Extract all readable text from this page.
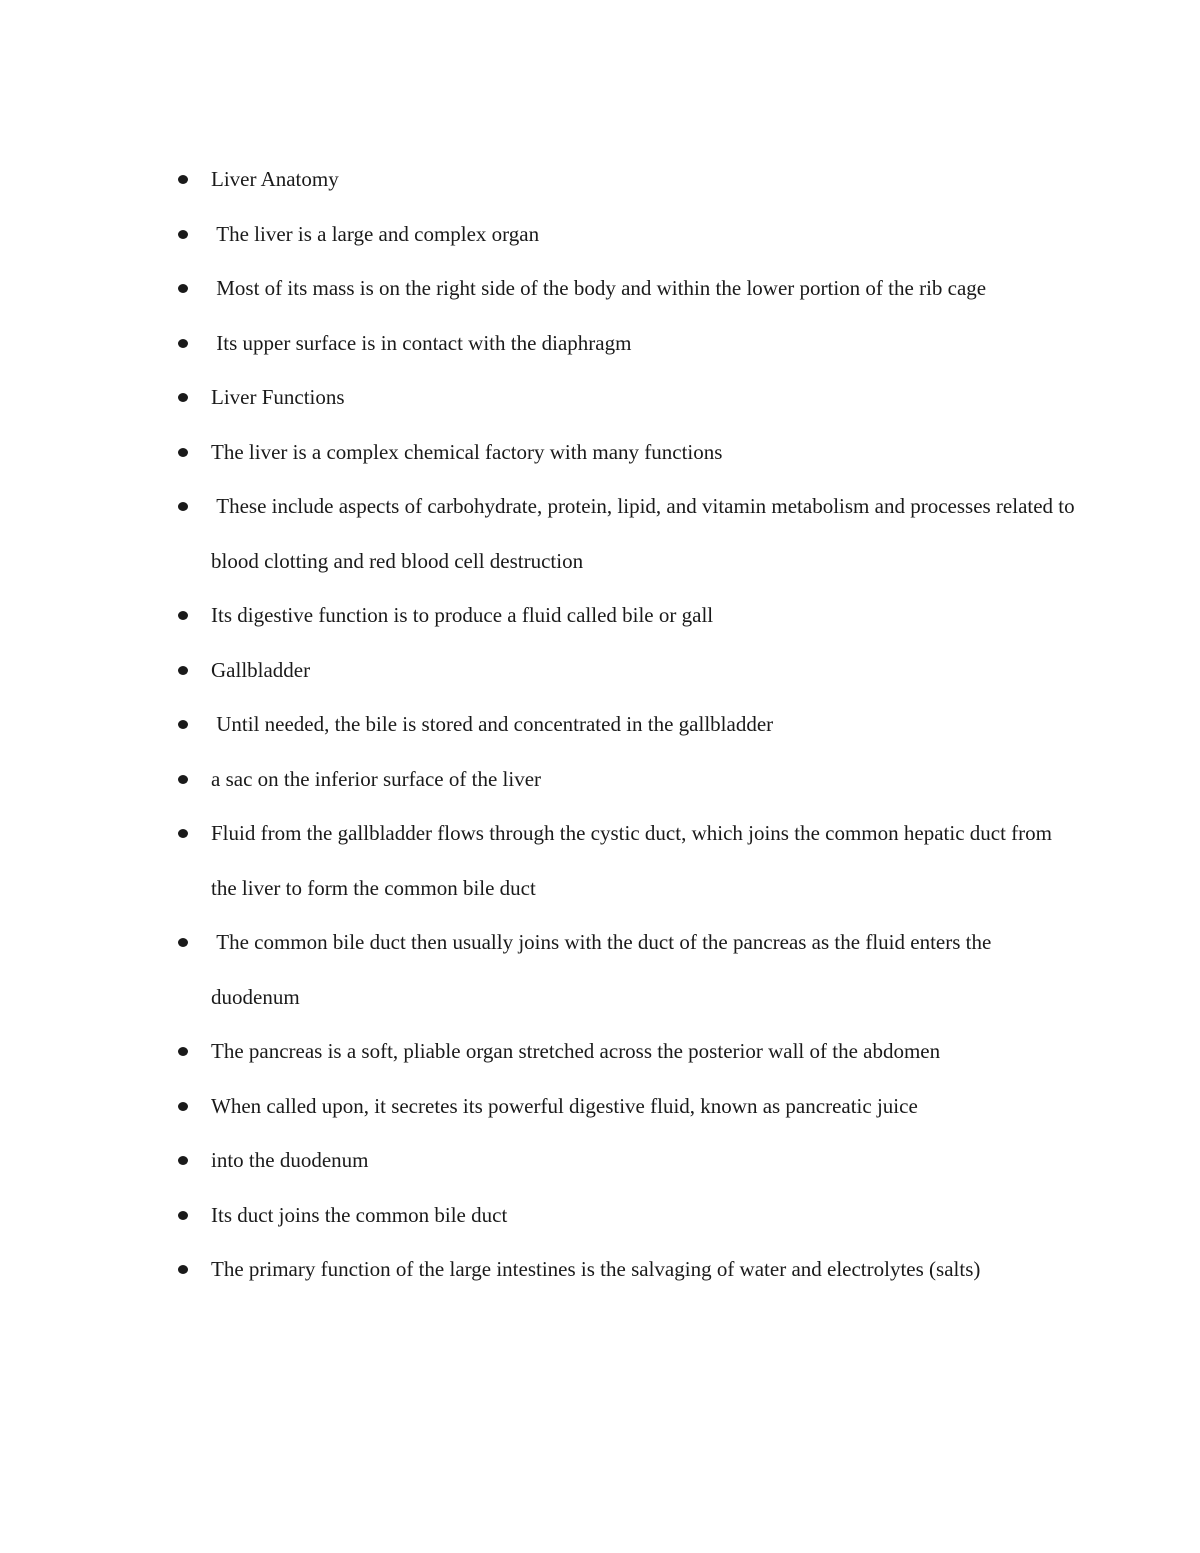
Liver Anatomy
The liver is a large and complex organ
Most of its mass is on the right side of the body and within the lower portion of the rib cage
Its upper surface is in contact with the diaphragm
Liver Functions
The liver is a complex chemical factory with many functions
These include aspects of carbohydrate, protein, lipid, and vitamin metabolism and processes related to blood clotting and red blood cell destruction
Its digestive function is to produce a fluid called bile or gall
Gallbladder
Until needed, the bile is stored and concentrated in the gallbladder
a sac on the inferior surface of the liver
Fluid from the gallbladder flows through the cystic duct, which joins the common hepatic duct from the liver to form the common bile duct
The common bile duct then usually joins with the duct of the pancreas as the fluid enters the duodenum
The pancreas is a soft, pliable organ stretched across the posterior wall of the abdomen
When called upon, it secretes its powerful digestive fluid, known as pancreatic juice
into the duodenum
Its duct joins the common bile duct
The primary function of the large intestines is the salvaging of water and electrolytes (salts)
